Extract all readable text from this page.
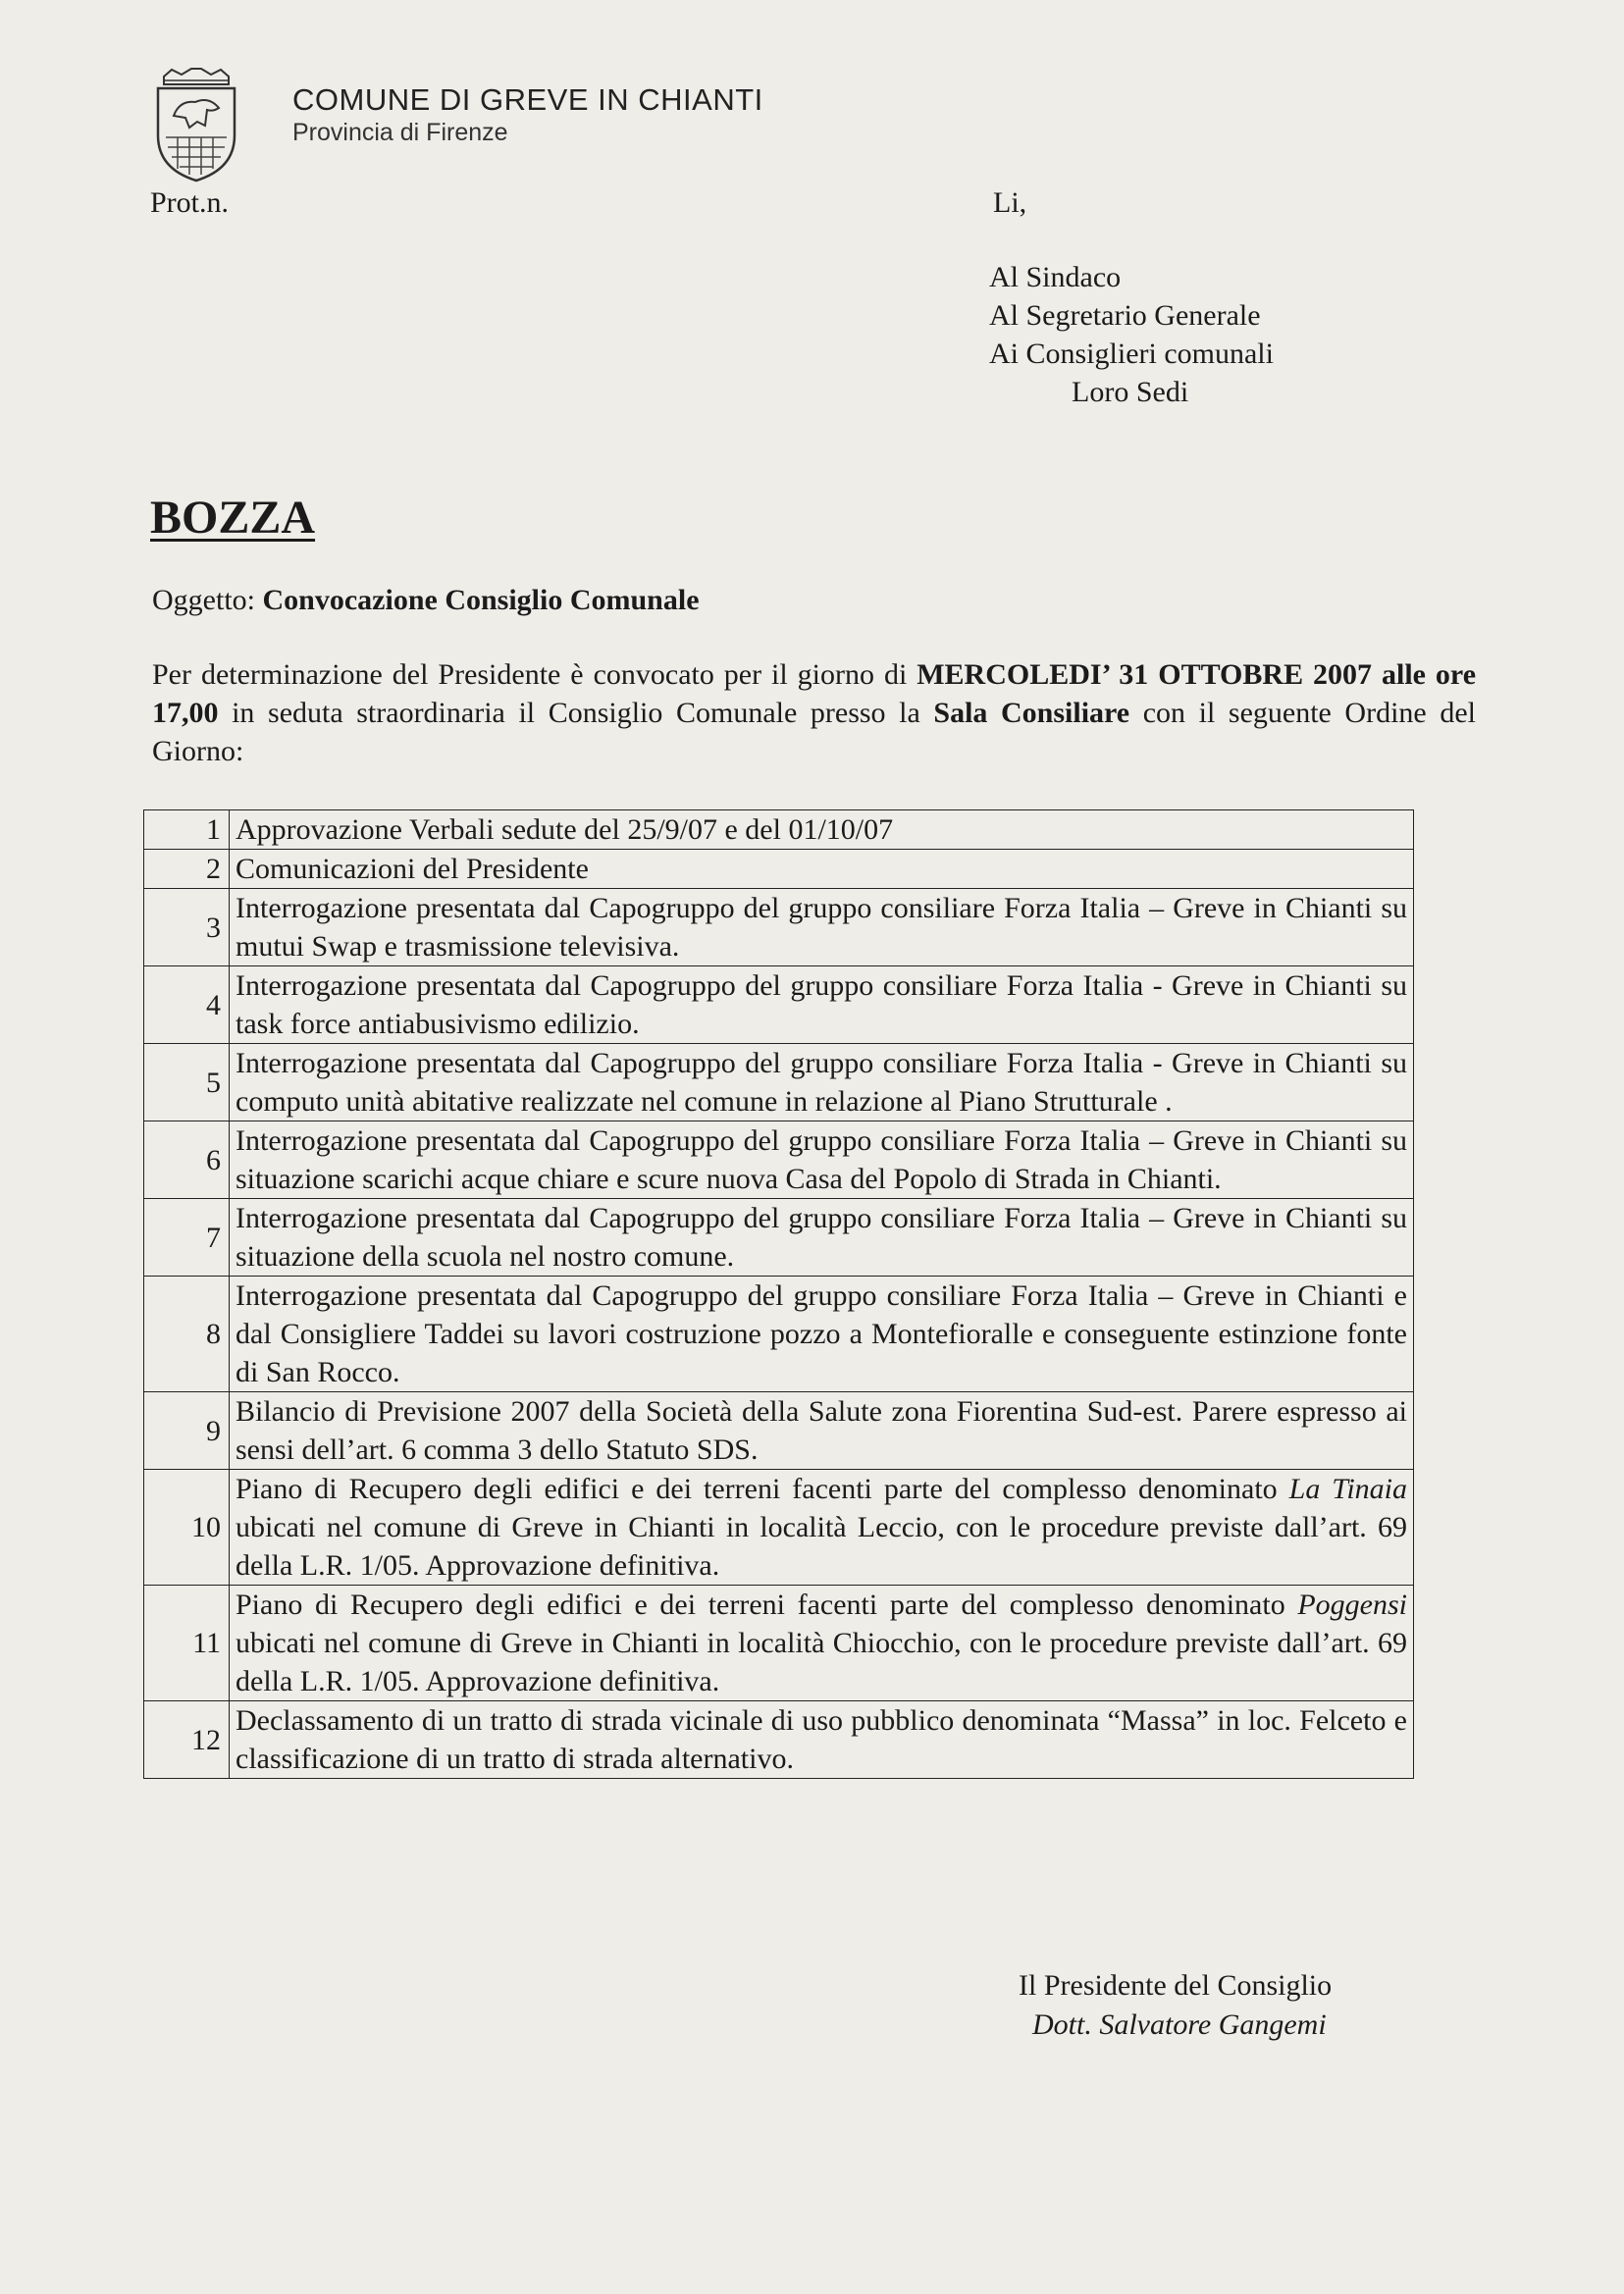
COMUNE DI GREVE IN CHIANTI
Provincia di Firenze
Prot.n.	Li,
Al Sindaco
Al Segretario Generale
Ai Consiglieri comunali
Loro Sedi
BOZZA
Oggetto: Convocazione Consiglio Comunale
Per determinazione del Presidente è convocato per il giorno di MERCOLEDI’ 31 OTTOBRE 2007 alle ore 17,00 in seduta straordinaria il Consiglio Comunale presso la Sala Consiliare con il seguente Ordine del Giorno:
1	Approvazione Verbali sedute del 25/9/07 e del 01/10/07
2	Comunicazioni del Presidente
3	Interrogazione presentata dal Capogruppo del gruppo consiliare Forza Italia – Greve in Chianti su mutui Swap e trasmissione televisiva.
4	Interrogazione presentata dal Capogruppo del gruppo consiliare Forza Italia - Greve in Chianti su task force antiabusivismo edilizio.
5	Interrogazione presentata dal Capogruppo del gruppo consiliare Forza Italia - Greve in Chianti su computo unità abitative realizzate nel comune in relazione al Piano Strutturale .
6	Interrogazione presentata dal Capogruppo del gruppo consiliare Forza Italia – Greve in Chianti su situazione scarichi acque chiare e scure nuova Casa del Popolo di Strada in Chianti.
7	Interrogazione presentata dal Capogruppo del gruppo consiliare Forza Italia – Greve in Chianti su situazione della scuola nel nostro comune.
8	Interrogazione presentata dal Capogruppo del gruppo consiliare Forza Italia – Greve in Chianti e dal Consigliere Taddei su lavori costruzione pozzo a Montefioralle e conseguente estinzione fonte di San Rocco.
9	Bilancio di Previsione 2007 della Società della Salute zona Fiorentina Sud-est. Parere espresso ai sensi dell’art. 6 comma 3 dello Statuto SDS.
10	Piano di Recupero degli edifici e dei terreni facenti parte del complesso denominato La Tinaia ubicati nel comune di Greve in Chianti in località Leccio, con le procedure previste dall’art. 69 della L.R. 1/05. Approvazione definitiva.
11	Piano di Recupero degli edifici e dei terreni facenti parte del complesso denominato Poggensi ubicati nel comune di Greve in Chianti in località Chiocchio, con le procedure previste dall’art. 69 della L.R. 1/05. Approvazione definitiva.
12	Declassamento di un tratto di strada vicinale di uso pubblico denominata “Massa” in loc. Felceto e classificazione di un tratto di strada alternativo.
Il Presidente del Consiglio
Dott. Salvatore Gangemi
